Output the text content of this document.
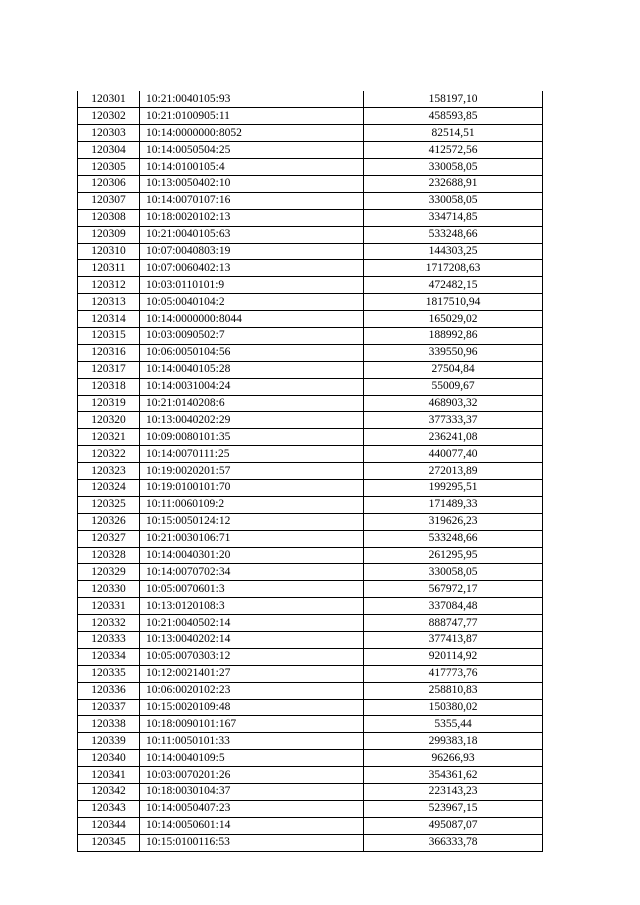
120301	10:21:0040105:93	158197,10
120302	10:21:0100905:11	458593,85
120303	10:14:0000000:8052	82514,51
120304	10:14:0050504:25	412572,56
120305	10:14:0100105:4	330058,05
120306	10:13:0050402:10	232688,91
120307	10:14:0070107:16	330058,05
120308	10:18:0020102:13	334714,85
120309	10:21:0040105:63	533248,66
120310	10:07:0040803:19	144303,25
120311	10:07:0060402:13	1717208,63
120312	10:03:0110101:9	472482,15
120313	10:05:0040104:2	1817510,94
120314	10:14:0000000:8044	165029,02
120315	10:03:0090502:7	188992,86
120316	10:06:0050104:56	339550,96
120317	10:14:0040105:28	27504,84
120318	10:14:0031004:24	55009,67
120319	10:21:0140208:6	468903,32
120320	10:13:0040202:29	377333,37
120321	10:09:0080101:35	236241,08
120322	10:14:0070111:25	440077,40
120323	10:19:0020201:57	272013,89
120324	10:19:0100101:70	199295,51
120325	10:11:0060109:2	171489,33
120326	10:15:0050124:12	319626,23
120327	10:21:0030106:71	533248,66
120328	10:14:0040301:20	261295,95
120329	10:14:0070702:34	330058,05
120330	10:05:0070601:3	567972,17
120331	10:13:0120108:3	337084,48
120332	10:21:0040502:14	888747,77
120333	10:13:0040202:14	377413,87
120334	10:05:0070303:12	920114,92
120335	10:12:0021401:27	417773,76
120336	10:06:0020102:23	258810,83
120337	10:15:0020109:48	150380,02
120338	10:18:0090101:167	5355,44
120339	10:11:0050101:33	299383,18
120340	10:14:0040109:5	96266,93
120341	10:03:0070201:26	354361,62
120342	10:18:0030104:37	223143,23
120343	10:14:0050407:23	523967,15
120344	10:14:0050601:14	495087,07
120345	10:15:0100116:53	366333,78
